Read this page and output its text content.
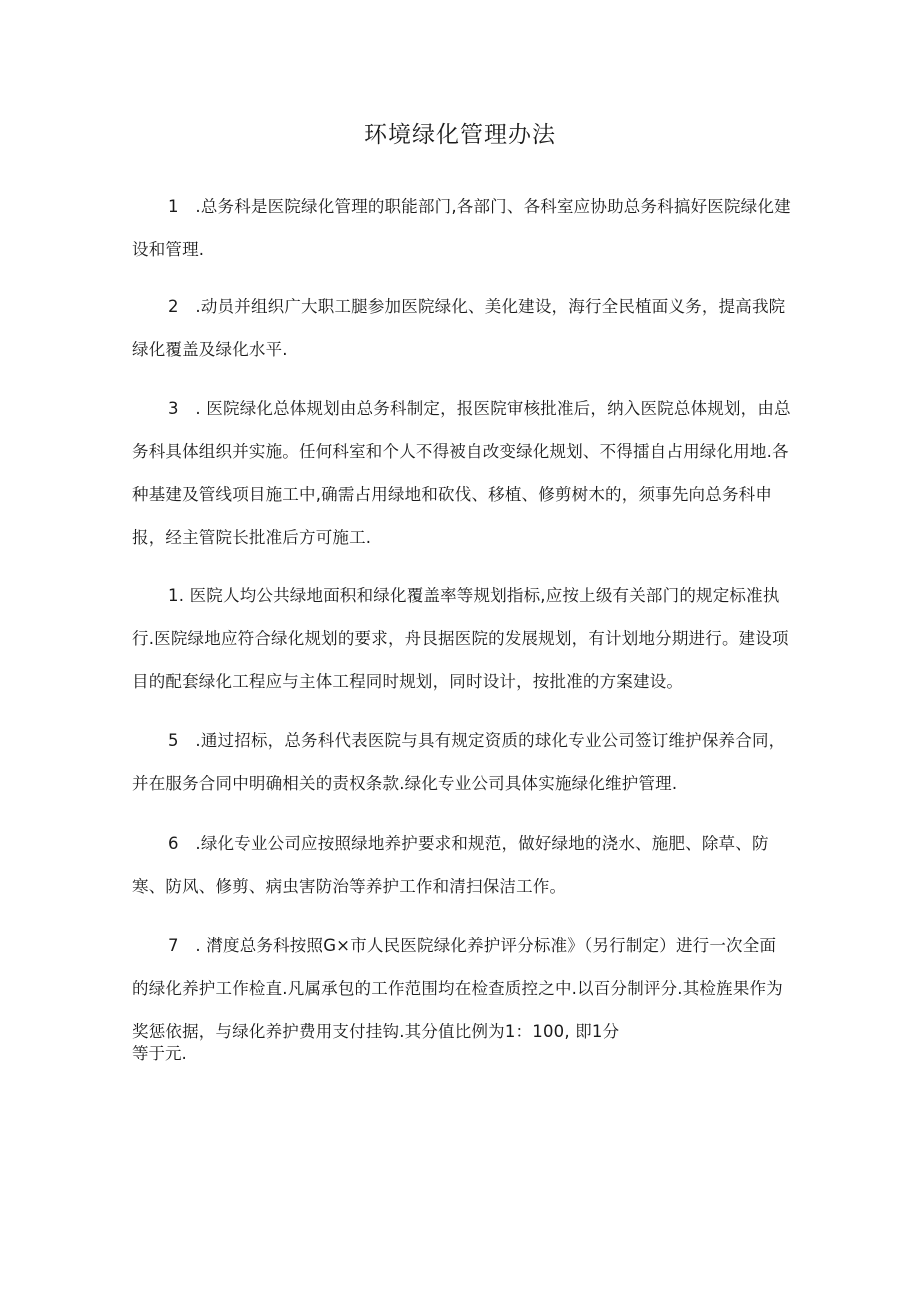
环境绿化管理办法

1　.总务科是医院绿化管理的职能部门,各部门、各科室应协助总务科搞好医院绿化建设和管理.

2　.动员并组织广大职工腿参加医院绿化、美化建设，海行全民植面义务，提高我院绿化覆盖及绿化水平.

3　. 医院绿化总体规划由总务科制定，报医院审核批准后，纳入医院总体规划，由总务科具体组织并实施。任何科室和个人不得被自改变绿化规划、不得擂自占用绿化用地.各种基建及管线项目施工中,确需占用绿地和砍伐、移植、修剪树木的，须事先向总务科申报，经主管院长批准后方可施工.

1. 医院人均公共绿地面积和绿化覆盖率等规划指标,应按上级有关部门的规定标准执行.医院绿地应符合绿化规划的要求，舟艮据医院的发展规划，有计划地分期进行。建设项目的配套绿化工程应与主体工程同时规划，同时设计，按批准的方案建设。

5　.通过招标，总务科代表医院与具有规定资质的球化专业公司签订维护保养合同，并在服务合同中明确相关的责权条款.绿化专业公司具体实施绿化维护管理.

6　.绿化专业公司应按照绿地养护要求和规范，做好绿地的浇水、施肥、除草、防寒、防风、修剪、病虫害防治等养护工作和清扫保洁工作。

7　. 潸度总务科按照G×市人民医院绿化养护评分标准》（另行制定）进行一次全面的绿化养护工作检直.凡属承包的工作范围均在检查质控之中.以百分制评分.其检旌果作为奖惩依据，与绿化养护费用支付挂钩.其分值比例为1：100, 即1分

等于元.
